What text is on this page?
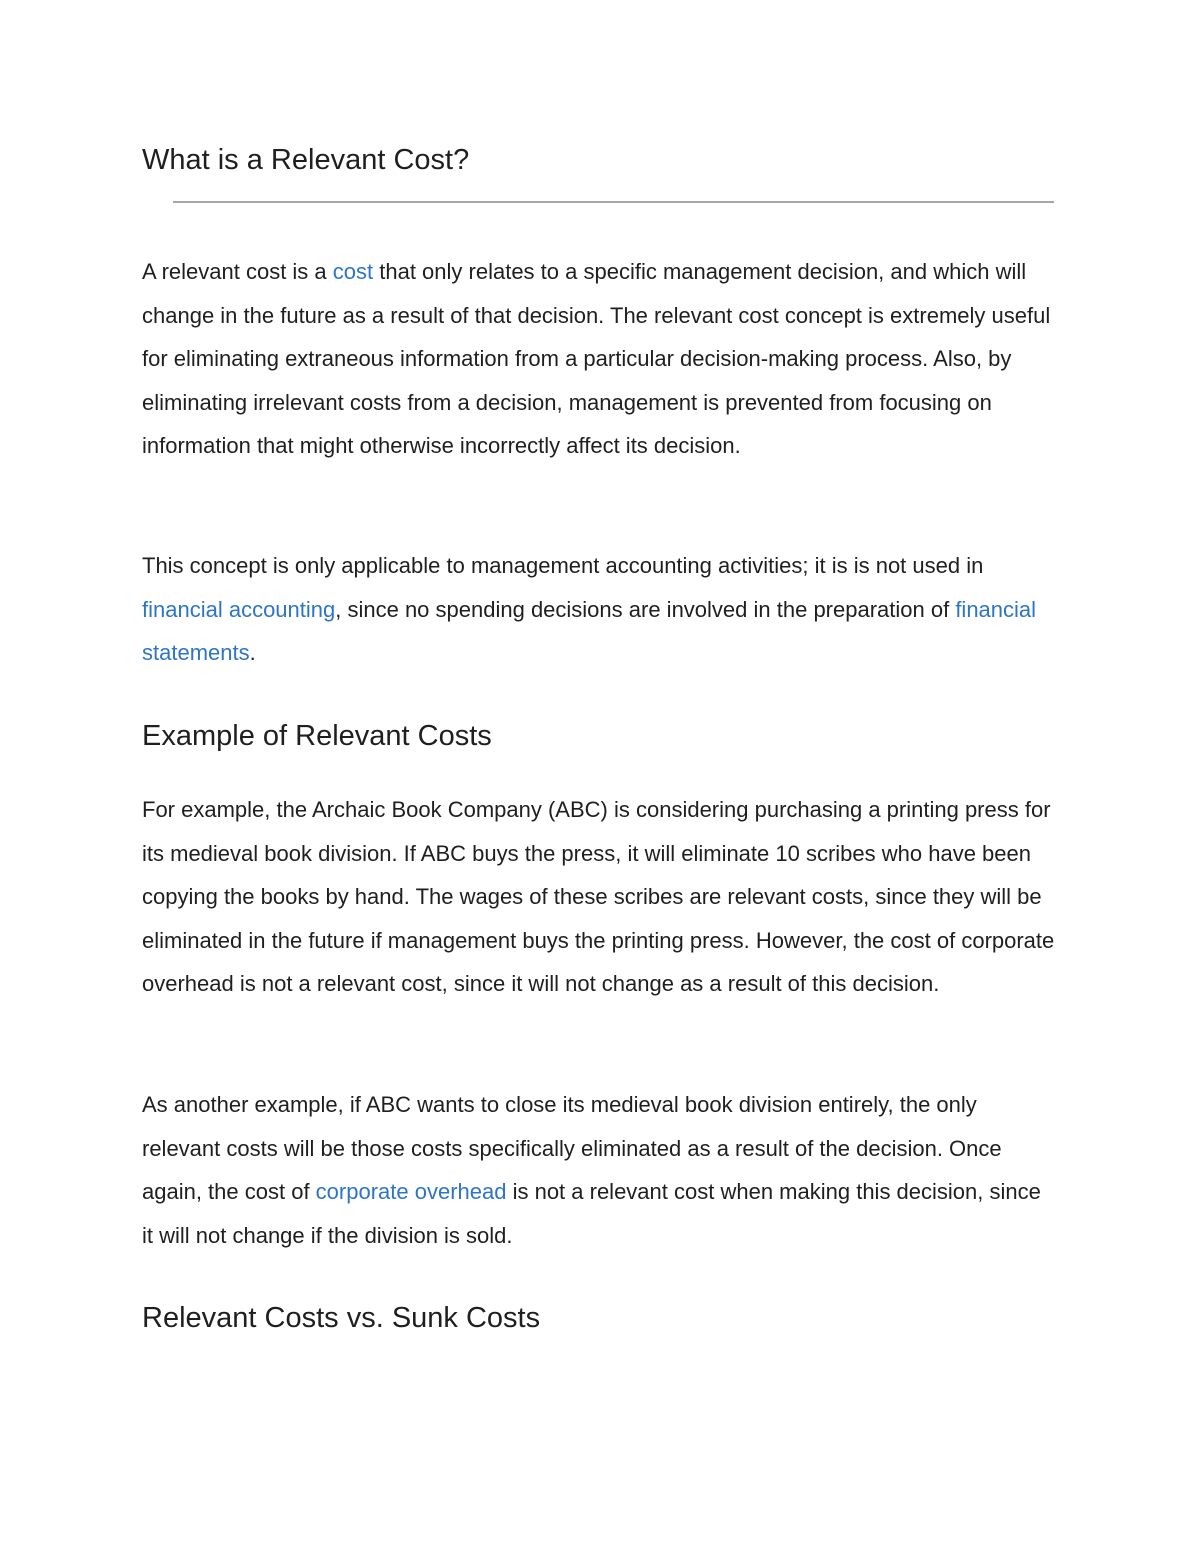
What is a Relevant Cost?

A relevant cost is a cost that only relates to a specific management decision, and which will change in the future as a result of that decision. The relevant cost concept is extremely useful for eliminating extraneous information from a particular decision-making process. Also, by eliminating irrelevant costs from a decision, management is prevented from focusing on information that might otherwise incorrectly affect its decision.

This concept is only applicable to management accounting activities; it is is not used in financial accounting, since no spending decisions are involved in the preparation of financial statements.

Example of Relevant Costs

For example, the Archaic Book Company (ABC) is considering purchasing a printing press for its medieval book division. If ABC buys the press, it will eliminate 10 scribes who have been copying the books by hand. The wages of these scribes are relevant costs, since they will be eliminated in the future if management buys the printing press. However, the cost of corporate overhead is not a relevant cost, since it will not change as a result of this decision.

As another example, if ABC wants to close its medieval book division entirely, the only relevant costs will be those costs specifically eliminated as a result of the decision. Once again, the cost of corporate overhead is not a relevant cost when making this decision, since it will not change if the division is sold.

Relevant Costs vs. Sunk Costs
